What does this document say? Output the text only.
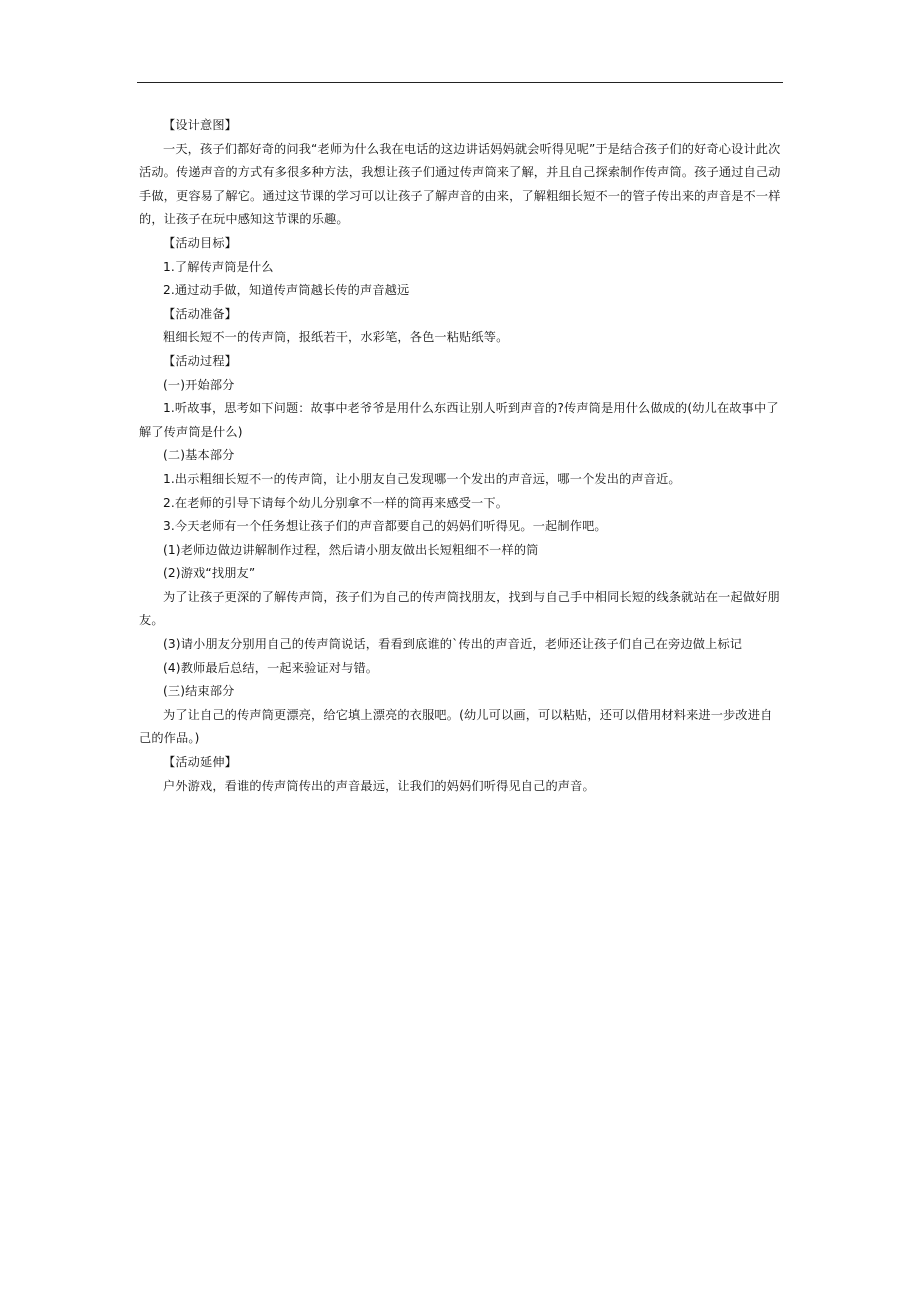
【设计意图】

一天，孩子们都好奇的问我“老师为什么我在电话的这边讲话妈妈就会听得见呢”于是结合孩子们的好奇心设计此次活动。传递声音的方式有多很多种方法，我想让孩子们通过传声筒来了解，并且自己探索制作传声筒。孩子通过自己动手做，更容易了解它。通过这节课的学习可以让孩子了解声音的由来，了解粗细长短不一的管子传出来的声音是不一样的，让孩子在玩中感知这节课的乐趣。

【活动目标】

1.了解传声筒是什么

2.通过动手做，知道传声筒越长传的声音越远

【活动准备】

粗细长短不一的传声筒，报纸若干，水彩笔，各色一粘贴纸等。

【活动过程】

(一)开始部分

1.听故事，思考如下问题：故事中老爷爷是用什么东西让别人听到声音的?传声筒是用什么做成的(幼儿在故事中了解了传声筒是什么)

(二)基本部分

1.出示粗细长短不一的传声筒，让小朋友自己发现哪一个发出的声音远，哪一个发出的声音近。

2.在老师的引导下请每个幼儿分别拿不一样的筒再来感受一下。

3.今天老师有一个任务想让孩子们的声音都要自己的妈妈们听得见。一起制作吧。

(1)老师边做边讲解制作过程，然后请小朋友做出长短粗细不一样的筒

(2)游戏“找朋友”

为了让孩子更深的了解传声筒，孩子们为自己的传声筒找朋友，找到与自己手中相同长短的线条就站在一起做好朋友。

(3)请小朋友分别用自己的传声筒说话，看看到底谁的`传出的声音近，老师还让孩子们自己在旁边做上标记

(4)教师最后总结，一起来验证对与错。

(三)结束部分

为了让自己的传声筒更漂亮，给它填上漂亮的衣服吧。(幼儿可以画，可以粘贴，还可以借用材料来进一步改进自己的作品。)

【活动延伸】

户外游戏，看谁的传声筒传出的声音最远，让我们的妈妈们听得见自己的声音。
